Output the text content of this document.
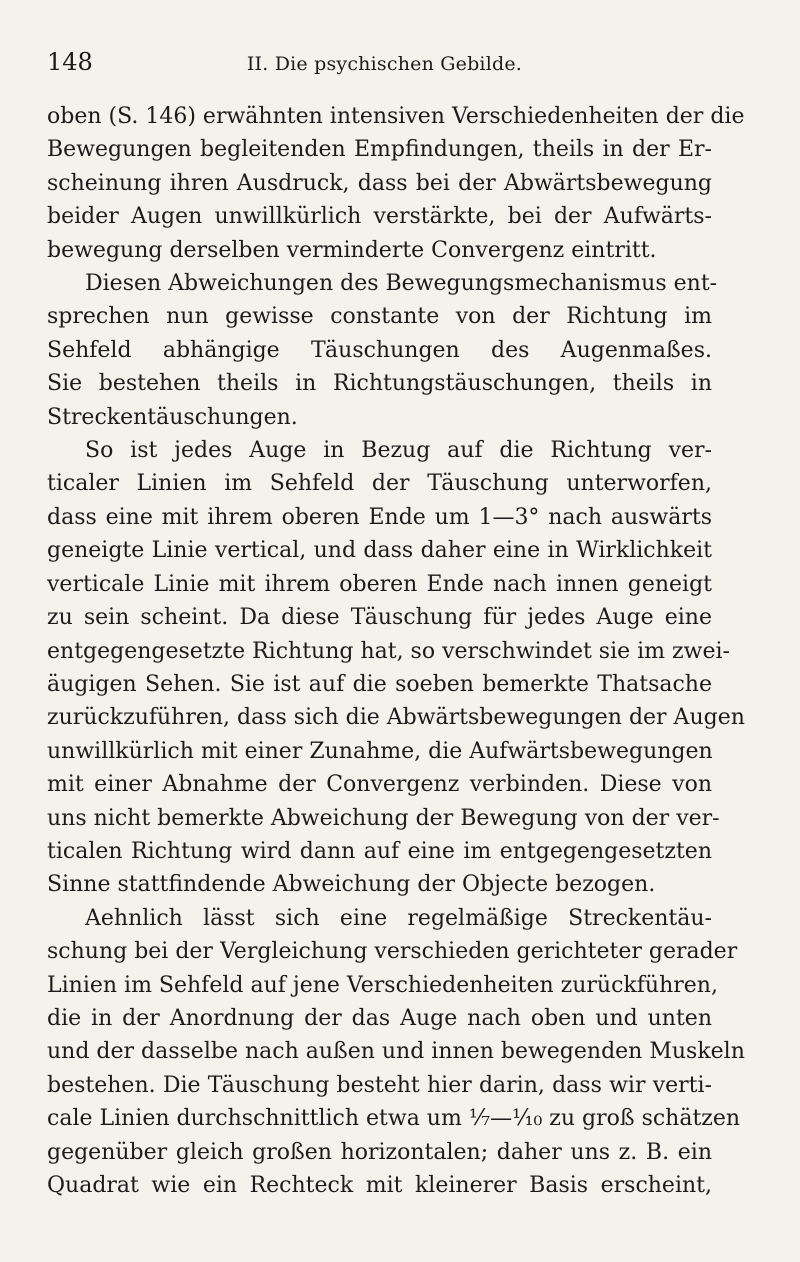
148	II. Die psychischen Gebilde.
oben (S. 146) erwähnten intensiven Verschiedenheiten der die
Bewegungen begleitenden Empfindungen, theils in der Er-
scheinung ihren Ausdruck, dass bei der Abwärtsbewegung
beider Augen unwillkürlich verstärkte, bei der Aufwärts-
bewegung derselben verminderte Convergenz eintritt.
Diesen Abweichungen des Bewegungsmechanismus ent-
sprechen nun gewisse constante von der Richtung im
Sehfeld abhängige Täuschungen des Augenmaßes.
Sie bestehen theils in Richtungstäuschungen, theils in
Streckentäuschungen.
So ist jedes Auge in Bezug auf die Richtung ver-
ticaler Linien im Sehfeld der Täuschung unterworfen,
dass eine mit ihrem oberen Ende um 1—3° nach auswärts
geneigte Linie vertical, und dass daher eine in Wirklichkeit
verticale Linie mit ihrem oberen Ende nach innen geneigt
zu sein scheint. Da diese Täuschung für jedes Auge eine
entgegengesetzte Richtung hat, so verschwindet sie im zwei-
äugigen Sehen. Sie ist auf die soeben bemerkte Thatsache
zurückzuführen, dass sich die Abwärtsbewegungen der Augen
unwillkürlich mit einer Zunahme, die Aufwärtsbewegungen
mit einer Abnahme der Convergenz verbinden. Diese von
uns nicht bemerkte Abweichung der Bewegung von der ver-
ticalen Richtung wird dann auf eine im entgegengesetzten
Sinne stattfindende Abweichung der Objecte bezogen.
Aehnlich lässt sich eine regelmäßige Streckentäu-
schung bei der Vergleichung verschieden gerichteter gerader
Linien im Sehfeld auf jene Verschiedenheiten zurückführen,
die in der Anordnung der das Auge nach oben und unten
und der dasselbe nach außen und innen bewegenden Muskeln
bestehen. Die Täuschung besteht hier darin, dass wir verti-
cale Linien durchschnittlich etwa um ⅐—⅒ zu groß schätzen
gegenüber gleich großen horizontalen; daher uns z. B. ein
Quadrat wie ein Rechteck mit kleinerer Basis erscheint,
